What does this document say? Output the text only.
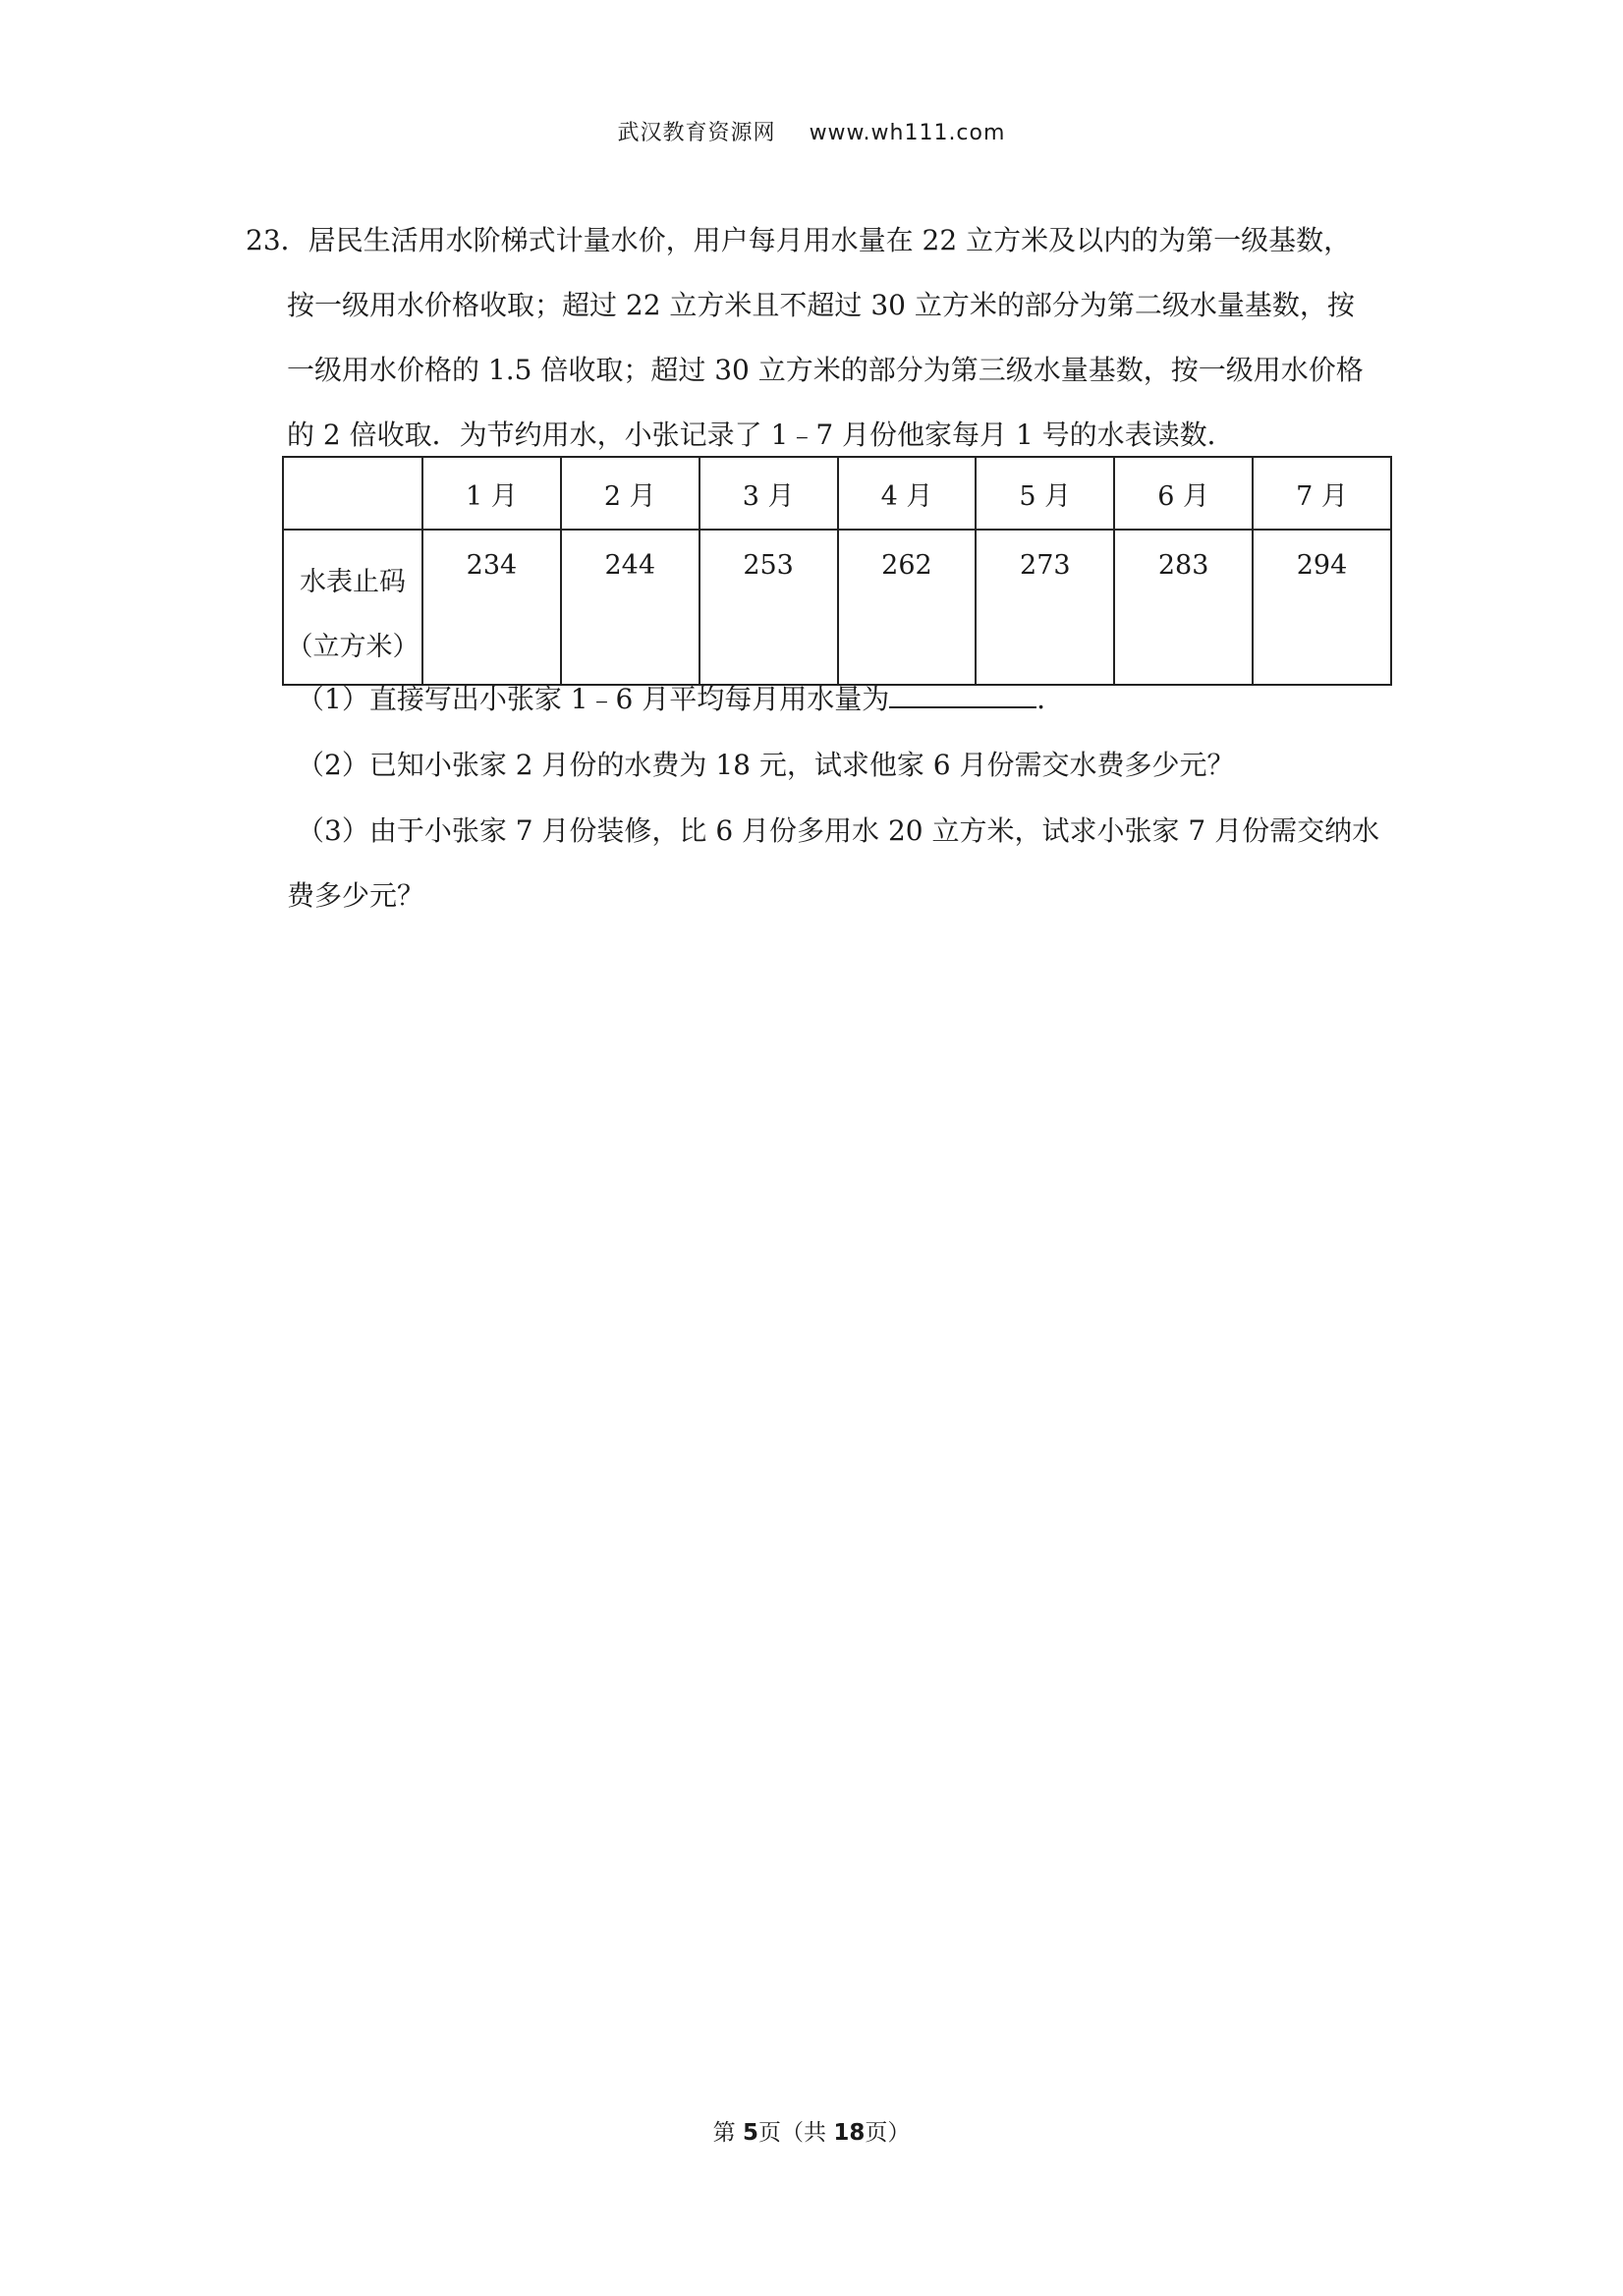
武汉教育资源网 www.wh111.com
23．居民生活用水阶梯式计量水价，用户每月用水量在 22 立方米及以内的为第一级基数，
按一级用水价格收取；超过 22 立方米且不超过 30 立方米的部分为第二级水量基数，按
一级用水价格的 1.5 倍收取；超过 30 立方米的部分为第三级水量基数，按一级用水价格
的 2 倍收取．为节约用水，小张记录了 1﹣7 月份他家每月 1 号的水表读数．
	1 月	2 月	3 月	4 月	5 月	6 月	7 月

水表止码
（立方米）	234	244	253	262	273	283	294
（1）直接写出小张家 1﹣6 月平均每月用水量为	．
（2）已知小张家 2 月份的水费为 18 元，试求他家 6 月份需交水费多少元？
（3）由于小张家 7 月份装修，比 6 月份多用水 20 立方米，试求小张家 7 月份需交纳水
费多少元？
第 5页（共 18页）
